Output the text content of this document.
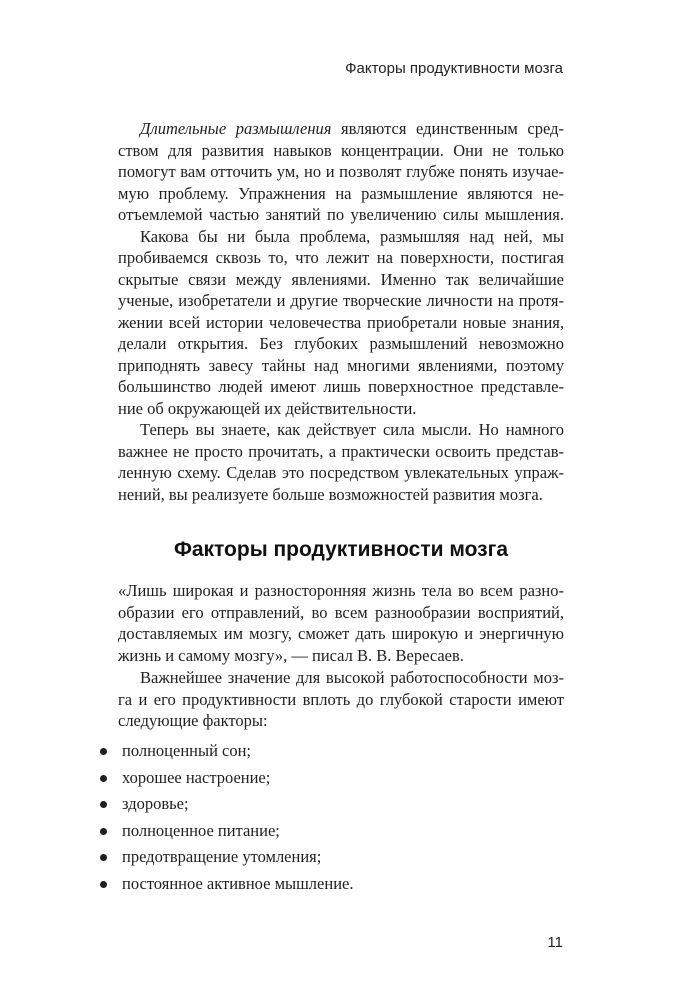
Факторы продуктивности мозга
Длительные размышления являются единственным сред-
ством для развития навыков концентрации. Они не только
помогут вам отточить ум, но и позволят глубже понять изучае-
мую проблему. Упражнения на размышление являются не-
отъемлемой частью занятий по увеличению силы мышления.
Какова бы ни была проблема, размышляя над ней, мы
пробиваемся сквозь то, что лежит на поверхности, постигая
скрытые связи между явлениями. Именно так величайшие
ученые, изобретатели и другие творческие личности на протя-
жении всей истории человечества приобретали новые знания,
делали открытия. Без глубоких размышлений невозможно
приподнять завесу тайны над многими явлениями, поэтому
большинство людей имеют лишь поверхностное представле-
ние об окружающей их действительности.
Теперь вы знаете, как действует сила мысли. Но намного
важнее не просто прочитать, а практически освоить представ-
ленную схему. Сделав это посредством увлекательных упраж-
нений, вы реализуете больше возможностей развития мозга.
Факторы продуктивности мозга
«Лишь широкая и разносторонняя жизнь тела во всем разно-
образии его отправлений, во всем разнообразии восприятий,
доставляемых им мозгу, сможет дать широкую и энергичную
жизнь и самому мозгу», — писал В. В. Вересаев.
Важнейшее значение для высокой работоспособности моз-
га и его продуктивности вплоть до глубокой старости имеют
следующие факторы:
полноценный сон;
хорошее настроение;
здоровье;
полноценное питание;
предотвращение утомления;
постоянное активное мышление.
11
